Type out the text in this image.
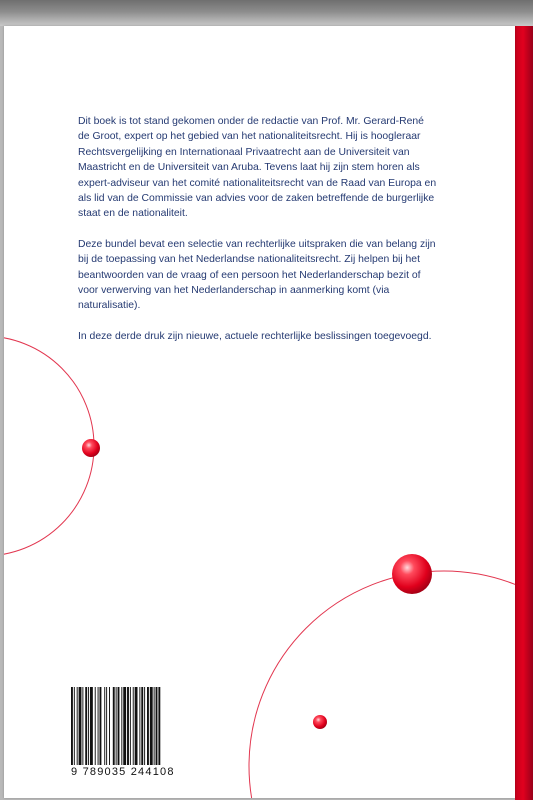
Dit boek is tot stand gekomen onder de redactie van Prof. Mr. Gerard-René de Groot, expert op het gebied van het nationaliteitsrecht. Hij is hoogleraar Rechtsvergelijking en Internationaal Privaatrecht aan de Universiteit van Maastricht en de Universiteit van Aruba. Tevens laat hij zijn stem horen als expert-adviseur van het comité nationaliteitsrecht van de Raad van Europa en als lid van de Commissie van advies voor de zaken betreffende de burgerlijke staat en de nationaliteit.

Deze bundel bevat een selectie van rechterlijke uitspraken die van belang zijn bij de toepassing van het Nederlandse nationaliteitsrecht. Zij helpen bij het beantwoorden van de vraag of een persoon het Nederlanderschap bezit of voor verwerving van het Nederlanderschap in aanmerking komt (via naturalisatie).

In deze derde druk zijn nieuwe, actuele rechterlijke beslissingen toegevoegd.

9 789035 244108
